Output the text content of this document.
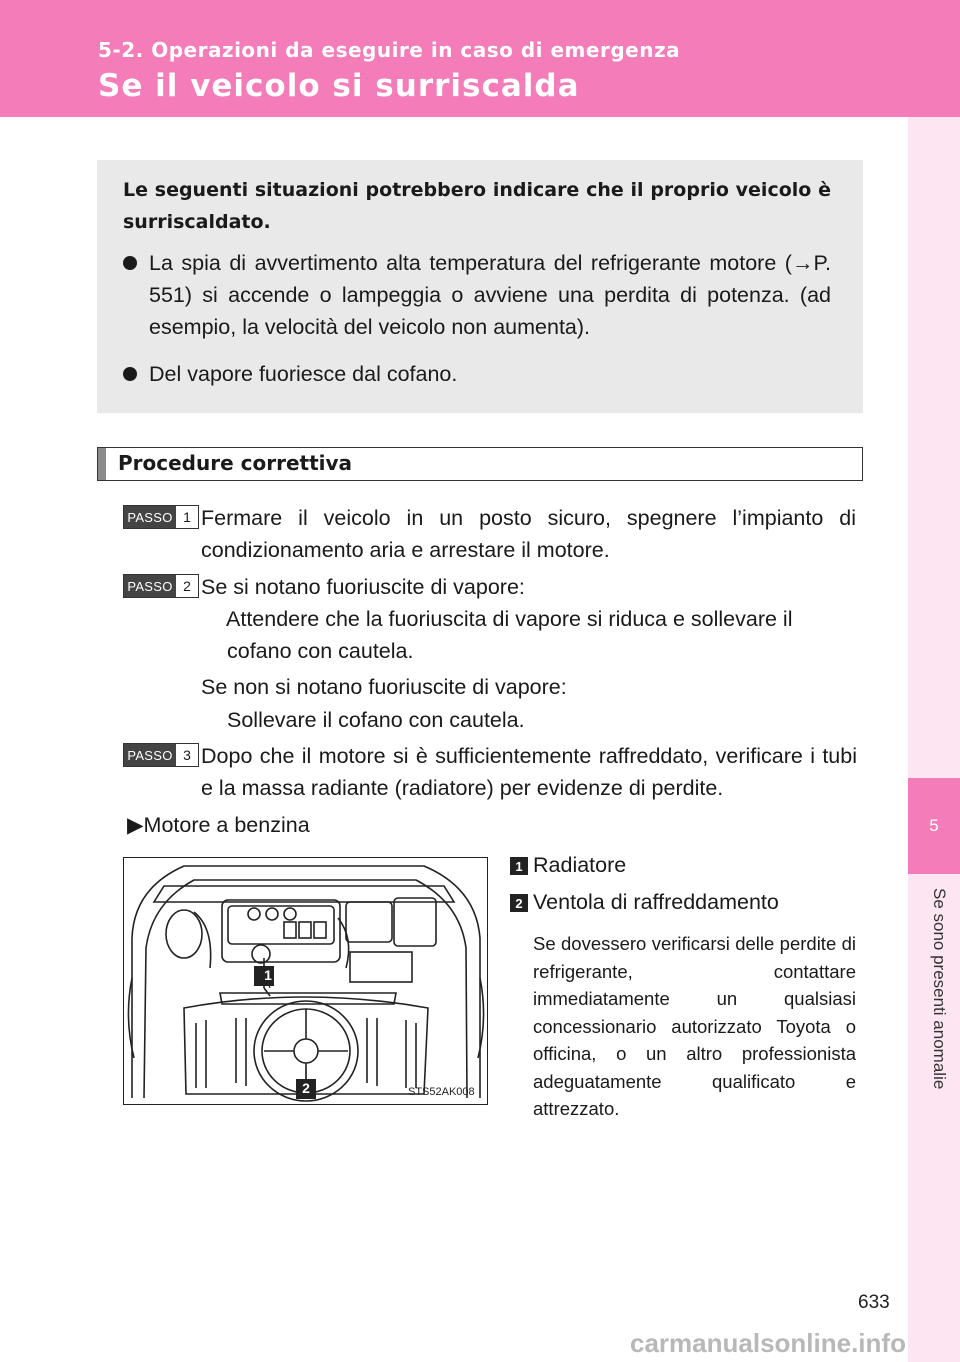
5-2. Operazioni da eseguire in caso di emergenza
Se il veicolo si surriscalda
5
Se sono presenti anomalie
Le seguenti situazioni potrebbero indicare che il proprio veicolo è surriscaldato.
La spia di avvertimento alta temperatura del refrigerante motore (→P. 551) si accende o lampeggia o avviene una perdita di potenza. (ad esempio, la velocità del veicolo non aumenta).
Del vapore fuoriesce dal cofano.
Procedure correttiva
PASSO 1 Fermare il veicolo in un posto sicuro, spegnere l’impianto di condizionamento aria e arrestare il motore.
PASSO 2 Se si notano fuoriuscite di vapore:
Attendere che la fuoriuscita di vapore si riduca e sollevare il cofano con cautela.
Se non si notano fuoriuscite di vapore:
Sollevare il cofano con cautela.
PASSO 3 Dopo che il motore si è sufficientemente raffreddato, verificare i tubi e la massa radiante (radiatore) per evidenze di perdite.
▶Motore a benzina
1
2	STS52AK008
1 Radiatore
2 Ventola di raffreddamento
Se dovessero verificarsi delle perdite di refrigerante, contattare immediatamente un qualsiasi concessionario autorizzato Toyota o officina, o un altro professionista adeguatamente qualificato e attrezzato.
633
carmanualsonline.info
